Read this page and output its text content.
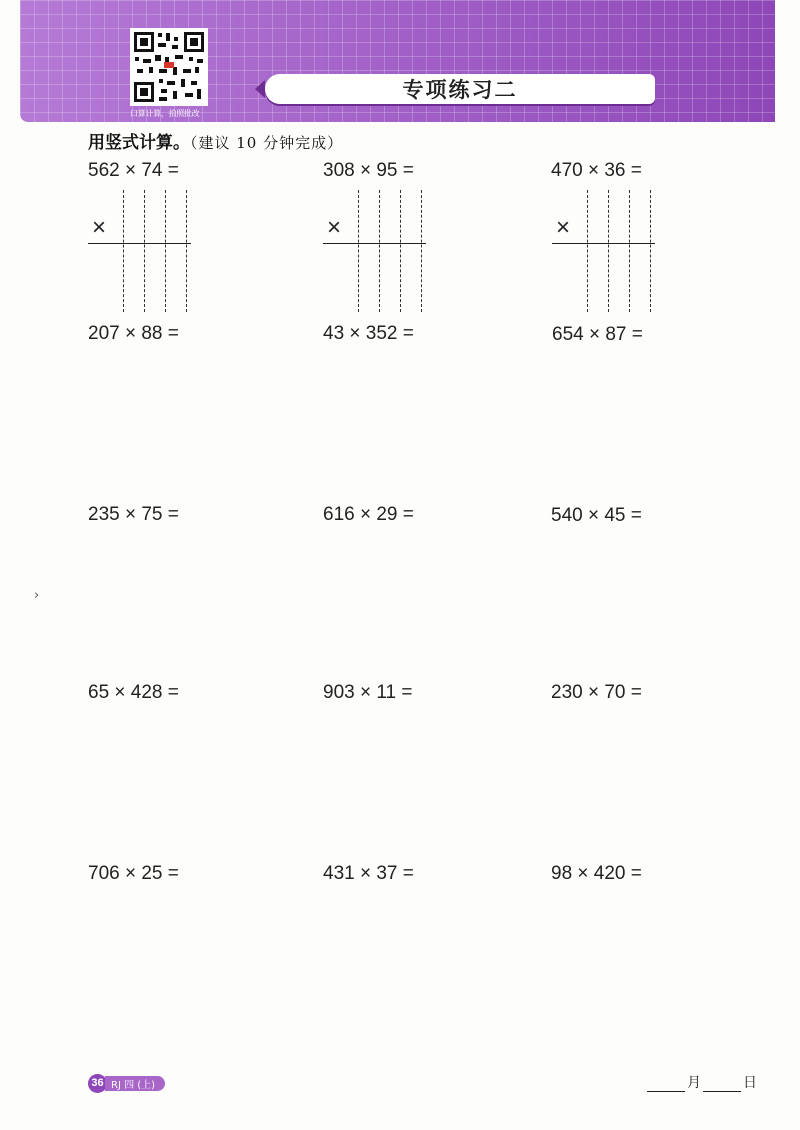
口算计算，拍照批改
专项练习二
用竖式计算。（建议 10 分钟完成）
562 × 74 =	308 × 95 =	470 × 36 =
×	×	×
207 × 88 =	43 × 352 =	654 × 87 =
235 × 75 =	616 × 29 =	540 × 45 =
›
65 × 428 =	903 × 11 =	230 × 70 =
706 × 25 =	431 × 37 =	98 × 420 =
36 RJ 四 (上)	月	日
